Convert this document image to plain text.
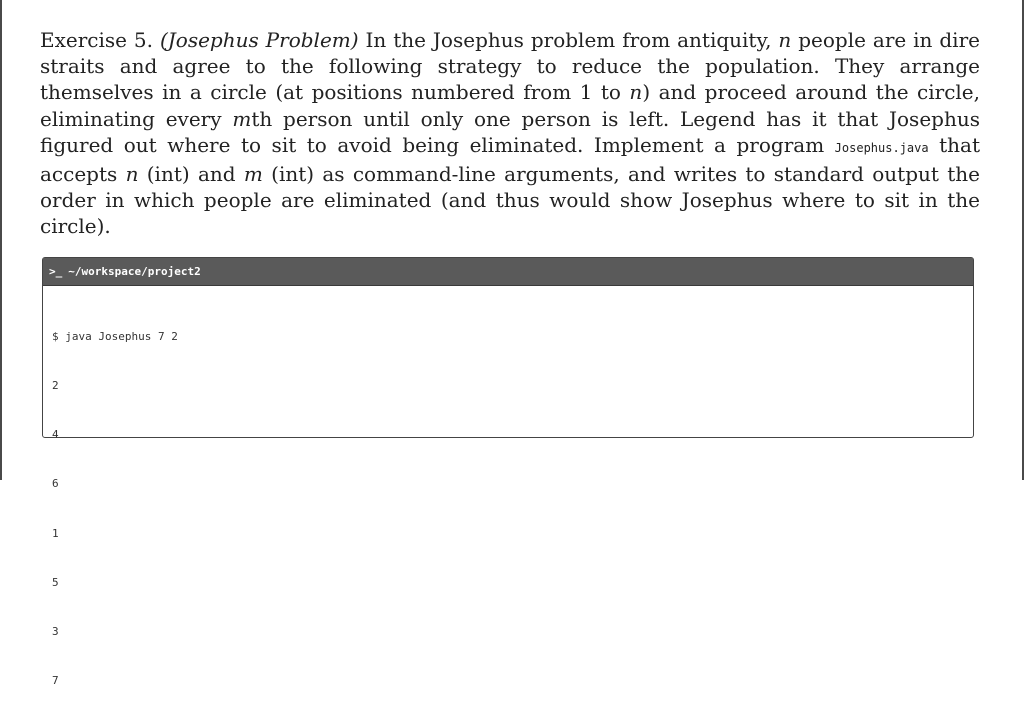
Exercise 5. (Josephus Problem) In the Josephus problem from antiquity, n people are in dire straits and agree to the following strategy to reduce the population. They arrange themselves in a circle (at positions numbered from 1 to n) and proceed around the circle, eliminating every mth person until only one person is left. Legend has it that Josephus figured out where to sit to avoid being eliminated. Implement a program Josephus.java that accepts n (int) and m (int) as command-line arguments, and writes to standard output the order in which people are eliminated (and thus would show Josephus where to sit in the circle).
>_ ~/workspace/project2

$ java Josephus 7 2

2

4

6

1

5

3

7
